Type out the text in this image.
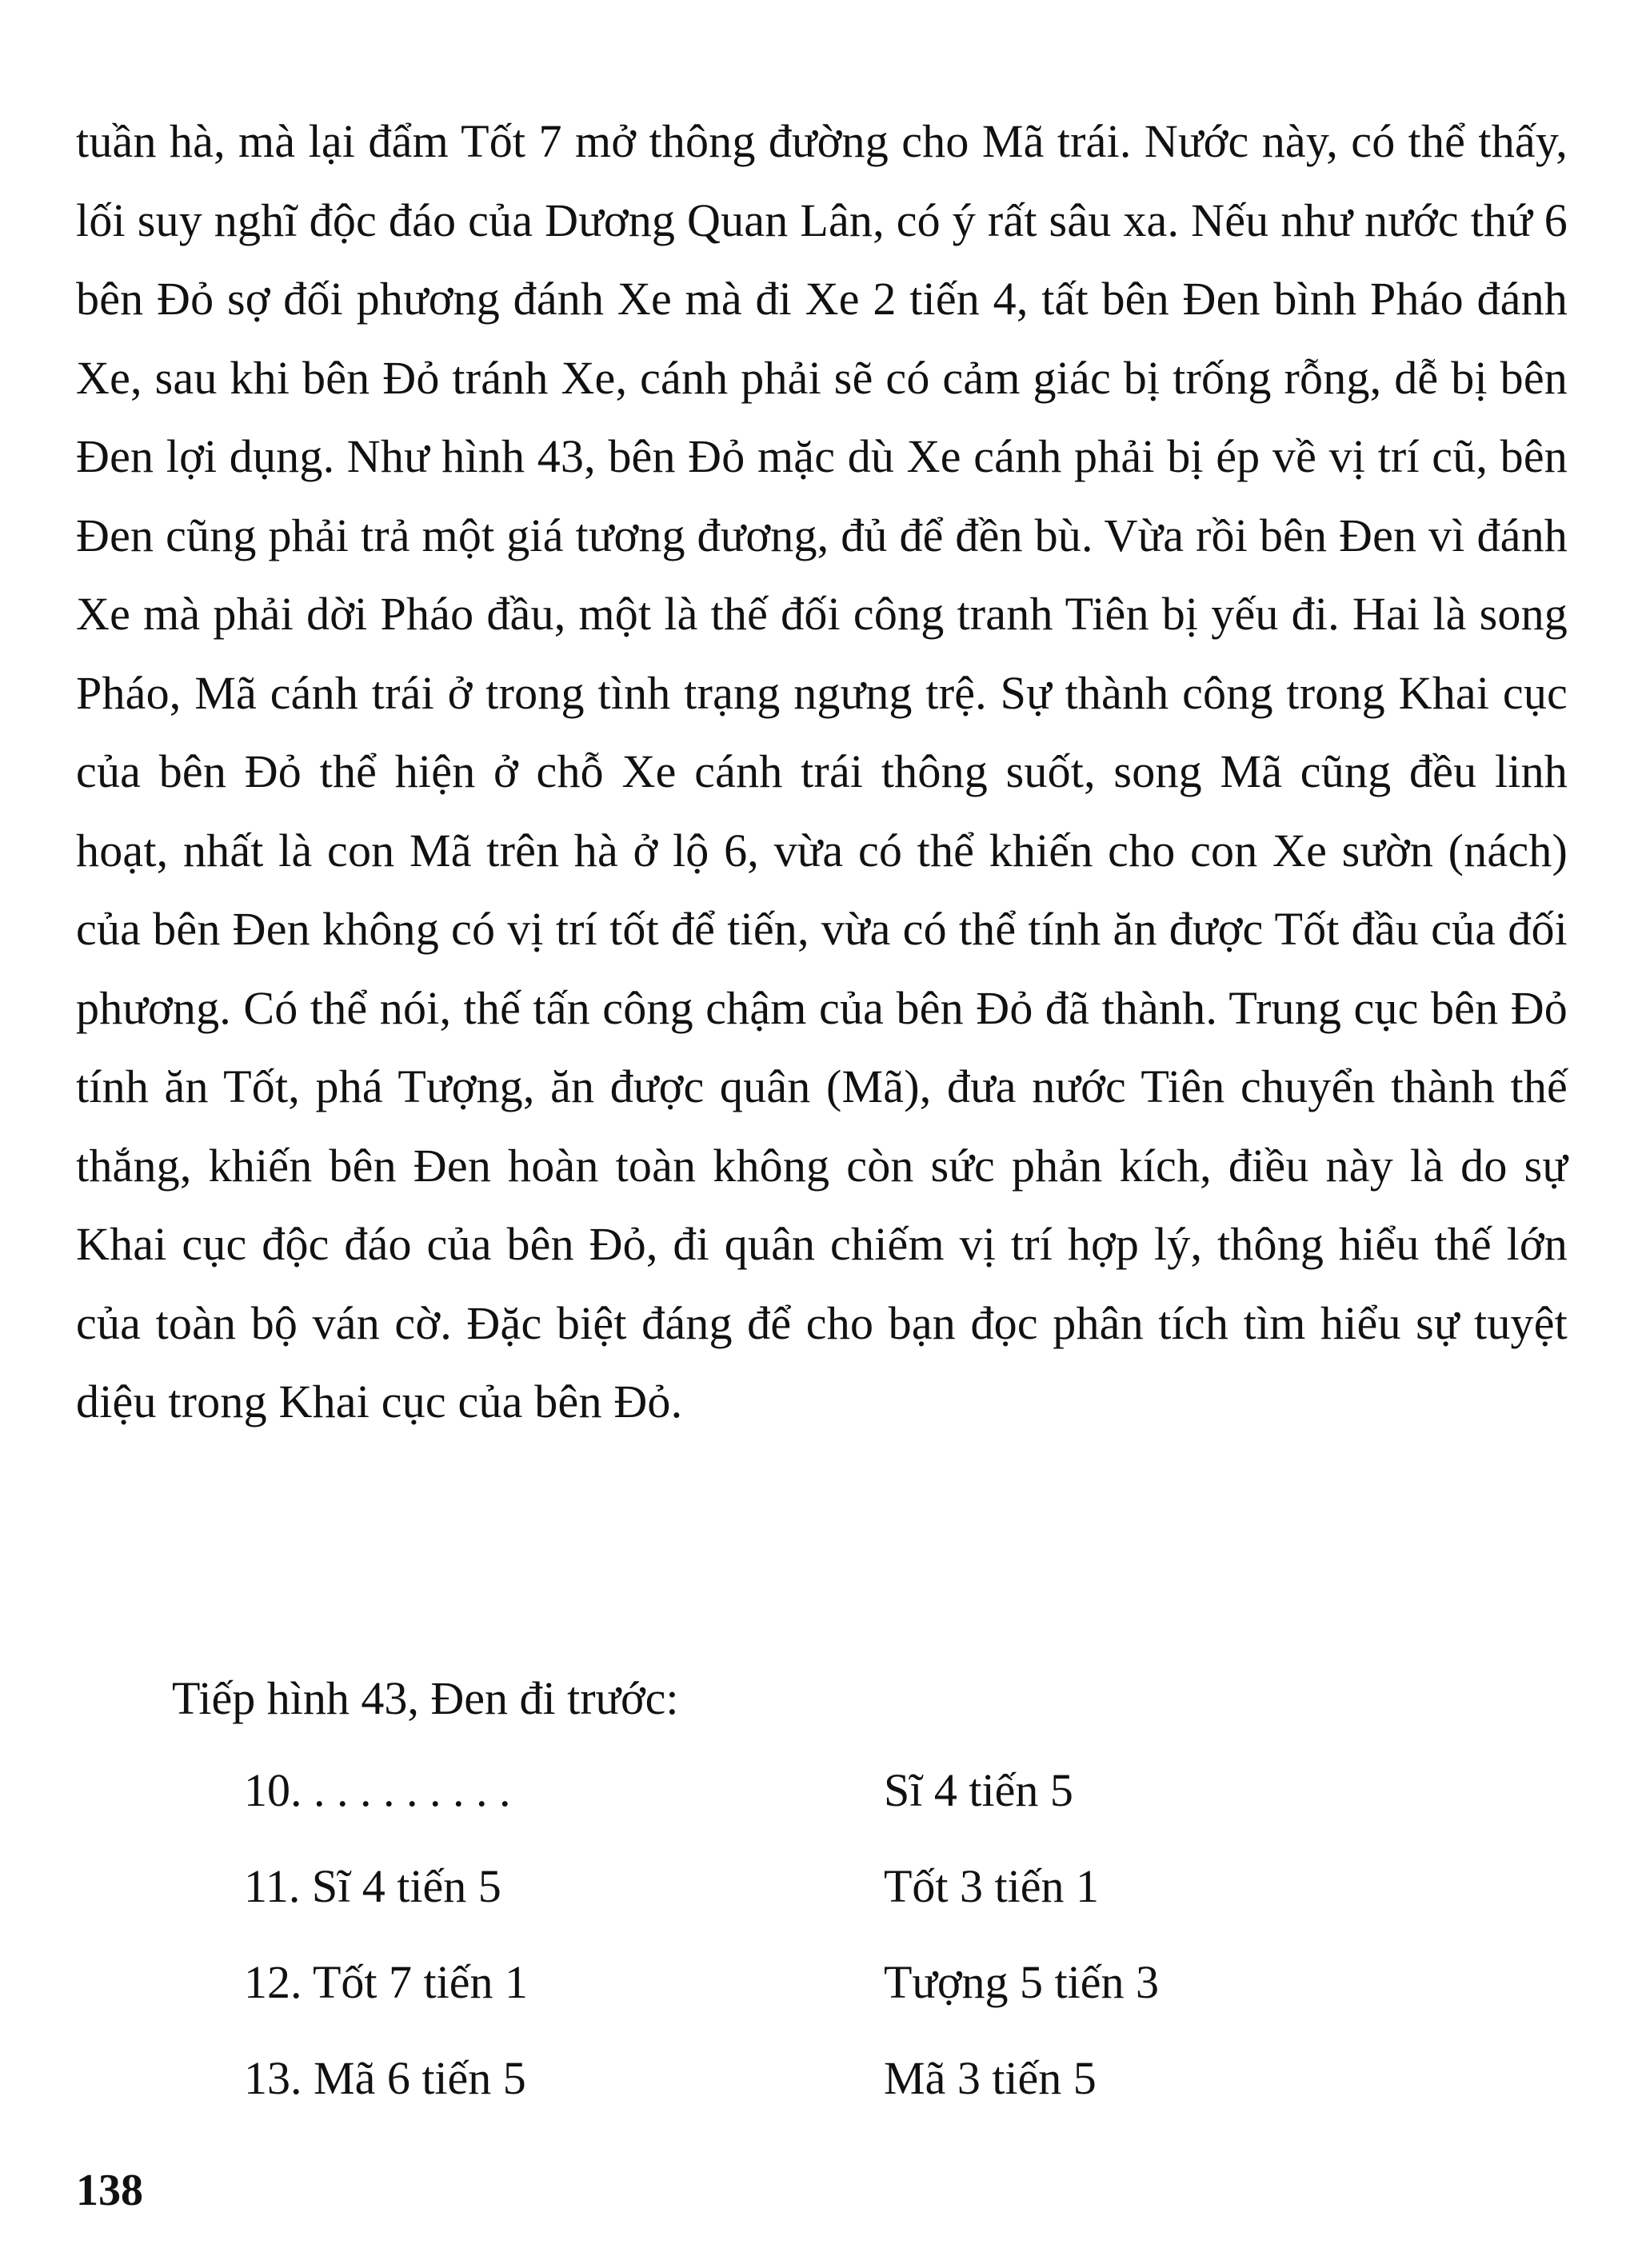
tuần hà, mà lại đẩm Tốt 7 mở thông đường cho Mã trái. Nước này, có thể thấy, lối suy nghĩ độc đáo của Dương Quan Lân, có ý rất sâu xa. Nếu như nước thứ 6 bên Đỏ sợ đối phương đánh Xe mà đi Xe 2 tiến 4, tất bên Đen bình Pháo đánh Xe, sau khi bên Đỏ tránh Xe, cánh phải sẽ có cảm giác bị trống rỗng, dễ bị bên Đen lợi dụng. Như hình 43, bên Đỏ mặc dù Xe cánh phải bị ép về vị trí cũ, bên Đen cũng phải trả một giá tương đương, đủ để đền bù. Vừa rồi bên Đen vì đánh Xe mà phải dời Pháo đầu, một là thế đối công tranh Tiên bị yếu đi. Hai là song Pháo, Mã cánh trái ở trong tình trạng ngưng trệ. Sự thành công trong Khai cục của bên Đỏ thể hiện ở chỗ Xe cánh trái thông suốt, song Mã cũng đều linh hoạt, nhất là con Mã trên hà ở lộ 6, vừa có thể khiến cho con Xe sườn (nách) của bên Đen không có vị trí tốt để tiến, vừa có thể tính ăn được Tốt đầu của đối phương. Có thể nói, thế tấn công chậm của bên Đỏ đã thành. Trung cục bên Đỏ tính ăn Tốt, phá Tượng, ăn được quân (Mã), đưa nước Tiên chuyển thành thế thắng, khiến bên Đen hoàn toàn không còn sức phản kích, điều này là do sự Khai cục độc đáo của bên Đỏ, đi quân chiếm vị trí hợp lý, thông hiểu thế lớn của toàn bộ ván cờ. Đặc biệt đáng để cho bạn đọc phân tích tìm hiểu sự tuyệt diệu trong Khai cục của bên Đỏ.

Tiếp hình 43, Đen đi trước:

10. . . . . . . . . .	Sĩ 4 tiến 5
11. Sĩ 4 tiến 5	Tốt 3 tiến 1
12. Tốt 7 tiến 1	Tượng 5 tiến 3
13. Mã 6 tiến 5	Mã 3 tiến 5

138
